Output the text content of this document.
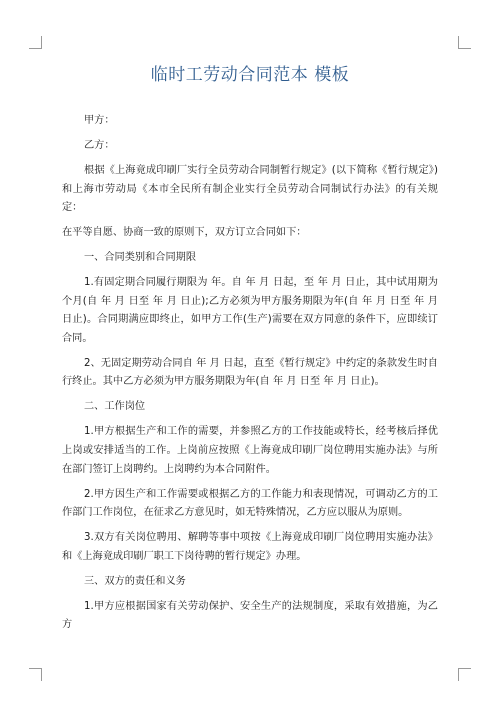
临时工劳动合同范本 模板

甲方：

乙方：

根据《上海竟成印刷厂实行全员劳动合同制暂行规定》(以下简称《暂行规定》)和上海市劳动局《本市全民所有制企业实行全员劳动合同制试行办法》的有关规定：

在平等自愿、协商一致的原则下，双方订立合同如下：

一、合同类别和合同期限

1.有固定期合同履行期限为 年。自 年 月 日起，至 年 月 日止，其中试用期为个月(自 年 月 日至 年 月 日止);乙方必须为甲方服务期限为年(自 年 月 日至 年 月 日止)。合同期满应即终止，如甲方工作(生产)需要在双方同意的条件下，应即续订合同。

2、无固定期劳动合同自 年 月 日起，直至《暂行规定》中约定的条款发生时自行终止。其中乙方必须为甲方服务期限为年(自 年 月 日至 年 月 日止)。

二、工作岗位

1.甲方根据生产和工作的需要，并参照乙方的工作技能或特长，经考核后择优上岗或安排适当的工作。上岗前应按照《上海竟成印刷厂岗位聘用实施办法》与所在部门签订上岗聘约。上岗聘约为本合同附件。

2.甲方因生产和工作需要或根据乙方的工作能力和表现情况，可调动乙方的工作部门工作岗位，在征求乙方意见时，如无特殊情况，乙方应以服从为原则。

3.双方有关岗位聘用、解聘等事中项按《上海竟成印刷厂岗位聘用实施办法》和《上海竟成印刷厂职工下岗待聘的暂行规定》办理。

三、双方的责任和义务

1.甲方应根据国家有关劳动保护、安全生产的法规制度，采取有效措施，为乙方
